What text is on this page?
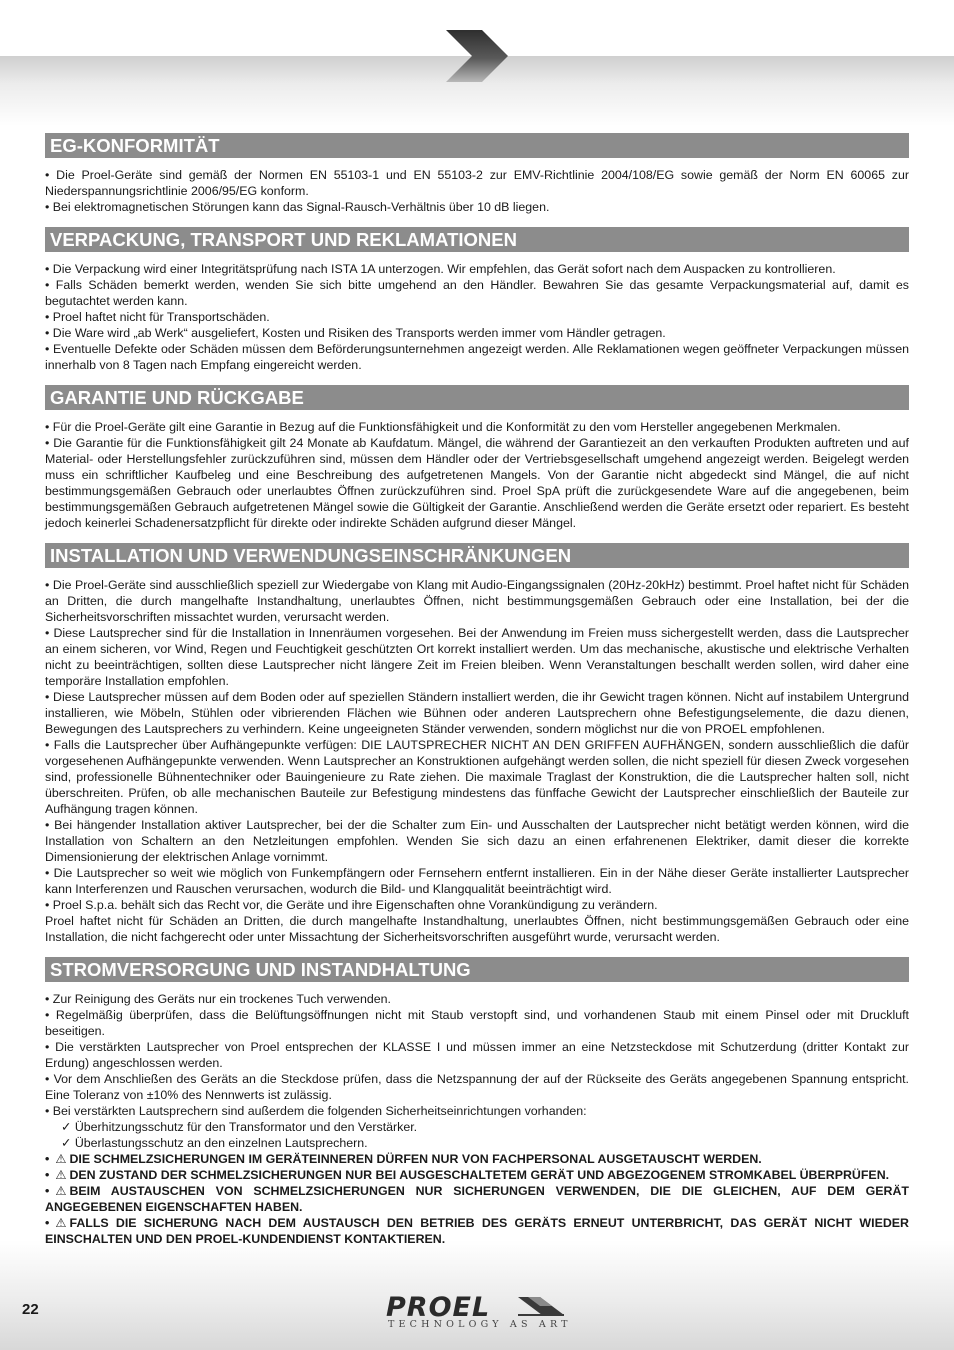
EG-KONFORMITÄT

• Die Proel-Geräte sind gemäß der Normen EN 55103-1 und EN 55103-2 zur EMV-Richtlinie 2004/108/EG sowie gemäß der Norm EN 60065 zur Niederspannungsrichtlinie 2006/95/EG konform.

• Bei elektromagnetischen Störungen kann das Signal-Rausch-Verhältnis über 10 dB liegen.

VERPACKUNG, TRANSPORT UND REKLAMATIONEN

• Die Verpackung wird einer Integritätsprüfung nach ISTA 1A unterzogen. Wir empfehlen, das Gerät sofort nach dem Auspacken zu kontrollieren.

• Falls Schäden bemerkt werden, wenden Sie sich bitte umgehend an den Händler. Bewahren Sie das gesamte Verpackungsmaterial auf, damit es begutachtet werden kann.

• Proel haftet nicht für Transportschäden.

• Die Ware wird „ab Werk“ ausgeliefert, Kosten und Risiken des Transports werden immer vom Händler getragen.

• Eventuelle Defekte oder Schäden müssen dem Beförderungsunternehmen angezeigt werden. Alle Reklamationen wegen geöffneter Verpackungen müssen innerhalb von 8 Tagen nach Empfang eingereicht werden.

GARANTIE UND RÜCKGABE

• Für die Proel-Geräte gilt eine Garantie in Bezug auf die Funktionsfähigkeit und die Konformität zu den vom Hersteller angegebenen Merkmalen.

• Die Garantie für die Funktionsfähigkeit gilt 24 Monate ab Kaufdatum. Mängel, die während der Garantiezeit an den verkauften Produkten auftreten und auf Material- oder Herstellungsfehler zurückzuführen sind, müssen dem Händler oder der Vertriebsgesellschaft umgehend angezeigt werden. Beigelegt werden muss ein schriftlicher Kaufbeleg und eine Beschreibung des aufgetretenen Mangels. Von der Garantie nicht abgedeckt sind Mängel, die auf nicht bestimmungsgemäßen Gebrauch oder unerlaubtes Öffnen zurückzuführen sind. Proel SpA prüft die zurückgesendete Ware auf die angegebenen, beim bestimmungsgemäßen Gebrauch aufgetretenen Mängel sowie die Gültigkeit der Garantie. Anschließend werden die Geräte ersetzt oder repariert. Es besteht jedoch keinerlei Schadenersatzpflicht für direkte oder indirekte Schäden aufgrund dieser Mängel.

INSTALLATION UND VERWENDUNGSEINSCHRÄNKUNGEN

• Die Proel-Geräte sind ausschließlich speziell zur Wiedergabe von Klang mit Audio-Eingangssignalen (20Hz-20kHz) bestimmt. Proel haftet nicht für Schäden an Dritten, die durch mangelhafte Instandhaltung, unerlaubtes Öffnen, nicht bestimmungsgemäßen Gebrauch oder eine Installation, bei der die Sicherheitsvorschriften missachtet wurden, verursacht werden.

• Diese Lautsprecher sind für die Installation in Innenräumen vorgesehen. Bei der Anwendung im Freien muss sichergestellt werden, dass die Lautsprecher an einem sicheren, vor Wind, Regen und Feuchtigkeit geschützten Ort korrekt installiert werden. Um das mechanische, akustische und elektrische Verhalten nicht zu beeinträchtigen, sollten diese Lautsprecher nicht längere Zeit im Freien bleiben. Wenn Veranstaltungen beschallt werden sollen, wird daher eine temporäre Installation empfohlen.

• Diese Lautsprecher müssen auf dem Boden oder auf speziellen Ständern installiert werden, die ihr Gewicht tragen können. Nicht auf instabilem Untergrund installieren, wie Möbeln, Stühlen oder vibrierenden Flächen wie Bühnen oder anderen Lautsprechern ohne Befestigungselemente, die dazu dienen, Bewegungen des Lautsprechers zu verhindern. Keine ungeeigneten Ständer verwenden, sondern möglichst nur die von PROEL empfohlenen.

• Falls die Lautsprecher über Aufhängepunkte verfügen: DIE LAUTSPRECHER NICHT AN DEN GRIFFEN AUFHÄNGEN, sondern ausschließlich die dafür vorgesehenen Aufhängepunkte verwenden. Wenn Lautsprecher an Konstruktionen aufgehängt werden sollen, die nicht speziell für diesen Zweck vorgesehen sind, professionelle Bühnentechniker oder Bauingenieure zu Rate ziehen. Die maximale Traglast der Konstruktion, die die Lautsprecher halten soll, nicht überschreiten. Prüfen, ob alle mechanischen Bauteile zur Befestigung mindestens das fünffache Gewicht der Lautsprecher einschließlich der Bauteile zur Aufhängung tragen können.

• Bei hängender Installation aktiver Lautsprecher, bei der die Schalter zum Ein- und Ausschalten der Lautsprecher nicht betätigt werden können, wird die Installation von Schaltern an den Netzleitungen empfohlen. Wenden Sie sich dazu an einen erfahrenenen Elektriker, damit dieser die korrekte Dimensionierung der elektrischen Anlage vornimmt.

• Die Lautsprecher so weit wie möglich von Funkempfängern oder Fernsehern entfernt installieren. Ein in der Nähe dieser Geräte installierter Lautsprecher kann Interferenzen und Rauschen verursachen, wodurch die Bild- und Klangqualität beeinträchtigt wird.

• Proel S.p.a. behält sich das Recht vor, die Geräte und ihre Eigenschaften ohne Vorankündigung zu verändern.

Proel haftet nicht für Schäden an Dritten, die durch mangelhafte Instandhaltung, unerlaubtes Öffnen, nicht bestimmungsgemäßen Gebrauch oder eine Installation, die nicht fachgerecht oder unter Missachtung der Sicherheitsvorschriften ausgeführt wurde, verursacht werden.

STROMVERSORGUNG UND INSTANDHALTUNG

• Zur Reinigung des Geräts nur ein trockenes Tuch verwenden.

• Regelmäßig überprüfen, dass die Belüftungsöffnungen nicht mit Staub verstopft sind, und vorhandenen Staub mit einem Pinsel oder mit Druckluft beseitigen.

• Die verstärkten Lautsprecher von Proel entsprechen der KLASSE I und müssen immer an eine Netzsteckdose mit Schutzerdung (dritter Kontakt zur Erdung) angeschlossen werden.

• Vor dem Anschließen des Geräts an die Steckdose prüfen, dass die Netzspannung der auf der Rückseite des Geräts angegebenen Spannung entspricht. Eine Toleranz von ±10% des Nennwerts ist zulässig.

• Bei verstärkten Lautsprechern sind außerdem die folgenden Sicherheitseinrichtungen vorhanden:

✓ Überhitzungsschutz für den Transformator und den Verstärker.

✓ Überlastungsschutz an den einzelnen Lautsprechern.

• ⚠ DIE SCHMELZSICHERUNGEN IM GERÄTEINNEREN DÜRFEN NUR VON FACHPERSONAL AUSGETAUSCHT WERDEN.

• ⚠ DEN ZUSTAND DER SCHMELZSICHERUNGEN NUR BEI AUSGESCHALTETEM GERÄT UND ABGEZOGENEM STROMKABEL ÜBERPRÜFEN.

• ⚠ BEIM AUSTAUSCHEN VON SCHMELZSICHERUNGEN NUR SICHERUNGEN VERWENDEN, DIE DIE GLEICHEN, AUF DEM GERÄT ANGEGEBENEN EIGENSCHAFTEN HABEN.

• ⚠ FALLS DIE SICHERUNG NACH DEM AUSTAUSCH DEN BETRIEB DES GERÄTS ERNEUT UNTERBRICHT, DAS GERÄT NICHT WIEDER EINSCHALTEN UND DEN PROEL-KUNDENDIENST KONTAKTIEREN.

22	PROEL
TECHNOLOGY AS ART
